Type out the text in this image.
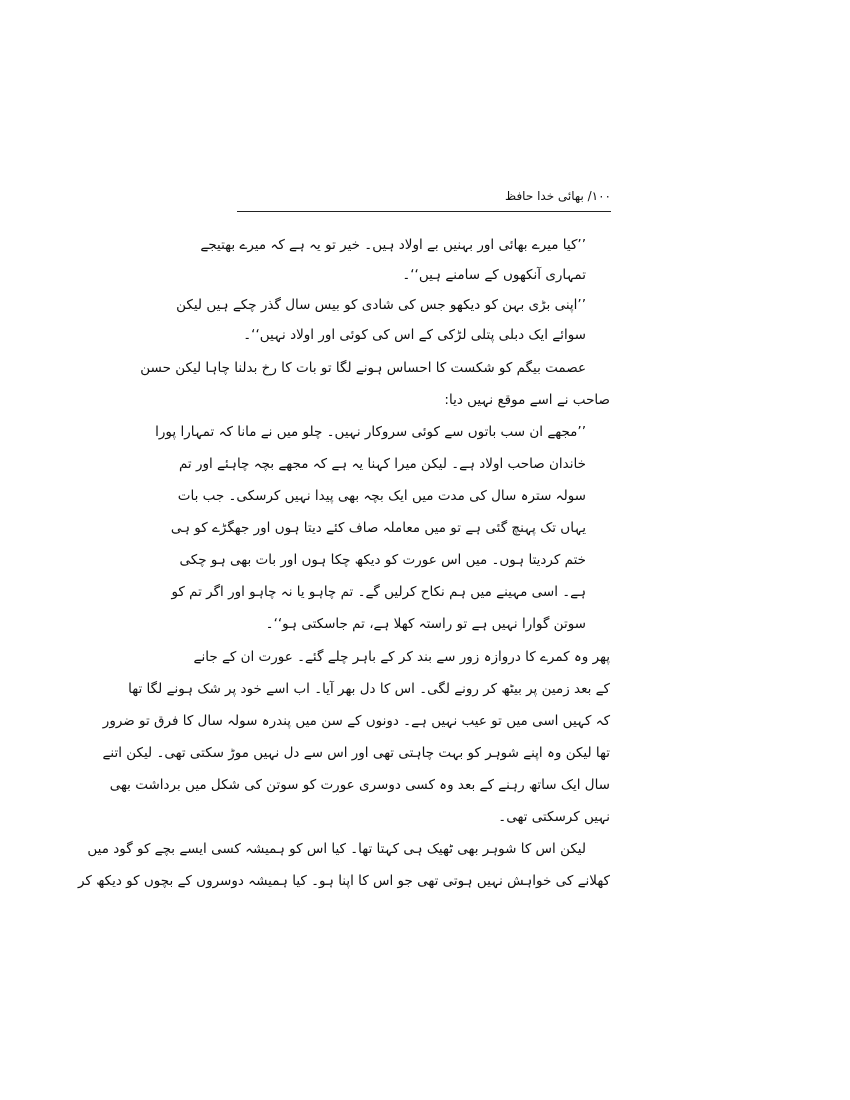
۱۰۰/ بھائی خدا حافظ
’’کیا میرے بھائی اور بہنیں بے اولاد ہیں۔ خیر تو یہ ہے کہ میرے بھتیجے
تمہاری آنکھوں کے سامنے ہیں‘‘۔
’’اپنی بڑی بہن کو دیکھو جس کی شادی کو بیس سال گذر چکے ہیں لیکن
سوائے ایک دبلی پتلی لڑکی کے اس کی کوئی اور اولاد نہیں‘‘۔
عصمت بیگم کو شکست کا احساس ہونے لگا تو بات کا رخ بدلنا چاہا لیکن حسن
صاحب نے اسے موقع نہیں دیا:
’’مجھے ان سب باتوں سے کوئی سروکار نہیں۔ چلو میں نے مانا کہ تمہارا پورا
خاندان صاحب اولاد ہے۔ لیکن میرا کہنا یہ ہے کہ مجھے بچہ چاہئے اور تم
سولہ سترہ سال کی مدت میں ایک بچہ بھی پیدا نہیں کرسکی۔ جب بات
یہاں تک پہنچ گئی ہے تو میں معاملہ صاف کئے دیتا ہوں اور جھگڑے کو ہی
ختم کردیتا ہوں۔ میں اس عورت کو دیکھ چکا ہوں اور بات بھی ہو چکی
ہے۔ اسی مہینے میں ہم نکاح کرلیں گے۔ تم چاہو یا نہ چاہو اور اگر تم کو
سوتن گوارا نہیں ہے تو راستہ کھلا ہے، تم جاسکتی ہو‘‘۔
پھر وہ کمرے کا دروازہ زور سے بند کر کے باہر چلے گئے۔ عورت ان کے جانے
کے بعد زمین پر بیٹھ کر رونے لگی۔ اس کا دل بھر آیا۔ اب اسے خود پر شک ہونے لگا تھا
کہ کہیں اسی میں تو عیب نہیں ہے۔ دونوں کے سن میں پندرہ سولہ سال کا فرق تو ضرور
تھا لیکن وہ اپنے شوہر کو بہت چاہتی تھی اور اس سے دل نہیں موڑ سکتی تھی۔ لیکن اتنے
سال ایک ساتھ رہنے کے بعد وہ کسی دوسری عورت کو سوتن کی شکل میں برداشت بھی
نہیں کرسکتی تھی۔
لیکن اس کا شوہر بھی ٹھیک ہی کہتا تھا۔ کیا اس کو ہمیشہ کسی ایسے بچے کو گود میں
کھلانے کی خواہش نہیں ہوتی تھی جو اس کا اپنا ہو۔ کیا ہمیشہ دوسروں کے بچوں کو دیکھ کر
